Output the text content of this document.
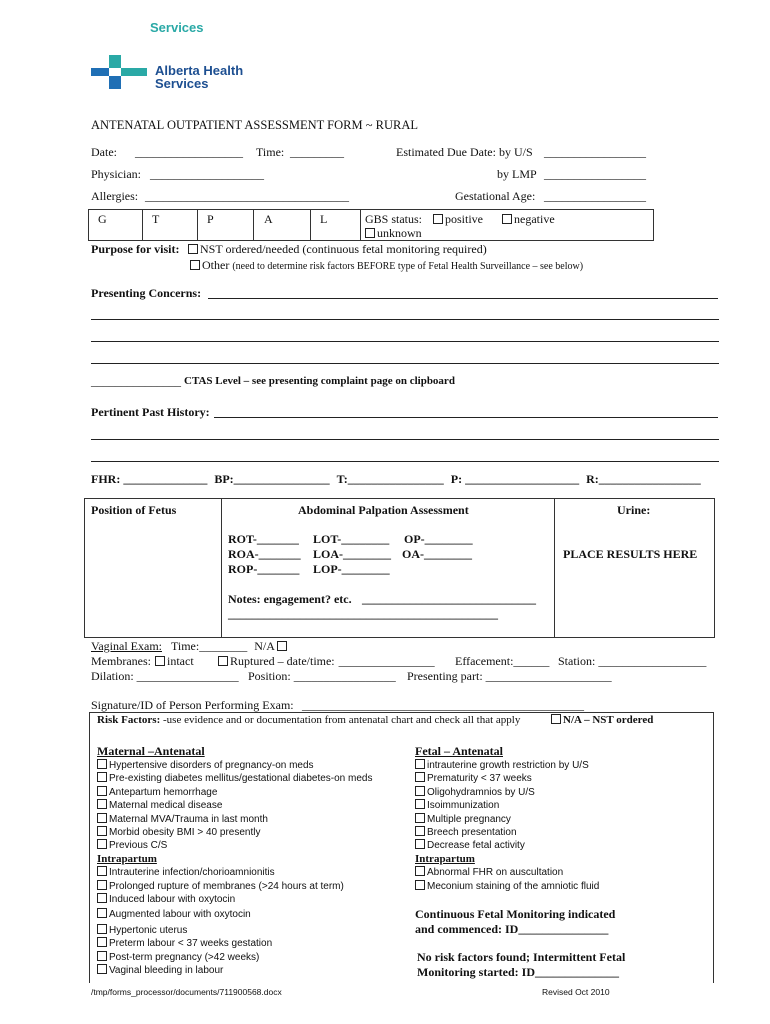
Services
Alberta Health
Services
ANTENATAL OUTPATIENT ASSESSMENT FORM ~ RURAL
Date: __________________ Time: _________	Estimated Due Date: by U/S _________________
Physician: ___________________	by LMP _________________
Allergies: __________________________________	Gestational Age: _________________
G	T	P	A	L	GBS status:	positive	negative
unknown
Purpose for visit:	NST ordered/needed (continuous fetal monitoring required)
Other (need to determine risk factors BEFORE type of Fetal Health Surveillance – see below)
Presenting Concerns:
_______________ CTAS Level – see presenting complaint page on clipboard
Pertinent Past History:
FHR: ______________ BP:________________ T:________________ P: ___________________ R:_________________
Position of Fetus	Abdominal Palpation Assessment	Urine:
ROT-_______ LOT-________ OP-________
ROA-_______ LOA-________ OA-________
ROP-_______ LOP-________
Notes: engagement? etc. _____________________________
_____________________________________________
PLACE RESULTS HERE
Vaginal Exam: Time:________ N/A
Membranes:	intact	Ruptured – date/time: ________________ Effacement:______ Station: __________________
Dilation: _________________ Position: _________________ Presenting part: _____________________
Signature/ID of Person Performing Exam: _______________________________________________
Risk Factors: -use evidence and or documentation from antenatal chart and check all that apply	N/A – NST ordered
Maternal –Antenatal
Hypertensive disorders of pregnancy-on meds
Pre-existing diabetes mellitus/gestational diabetes-on meds
Antepartum hemorrhage
Maternal medical disease
Maternal MVA/Trauma in last month
Morbid obesity BMI > 40 presently
Previous C/S
Intrapartum
Intrauterine infection/chorioamnionitis
Prolonged rupture of membranes (>24 hours at term)
Induced labour with oxytocin
Augmented labour with oxytocin
Hypertonic uterus
Preterm labour < 37 weeks gestation
Post-term pregnancy (>42 weeks)
Vaginal bleeding in labour
Fetal – Antenatal
intrauterine growth restriction by U/S
Prematurity < 37 weeks
Oligohydramnios by U/S
Isoimmunization
Multiple pregnancy
Breech presentation
Decrease fetal activity
Intrapartum
Abnormal FHR on auscultation
Meconium staining of the amniotic fluid
Continuous Fetal Monitoring indicated
and commenced: ID_______________
No risk factors found; Intermittent Fetal
Monitoring started: ID______________
/tmp/forms_processor/documents/711900568.docx	Revised Oct 2010
